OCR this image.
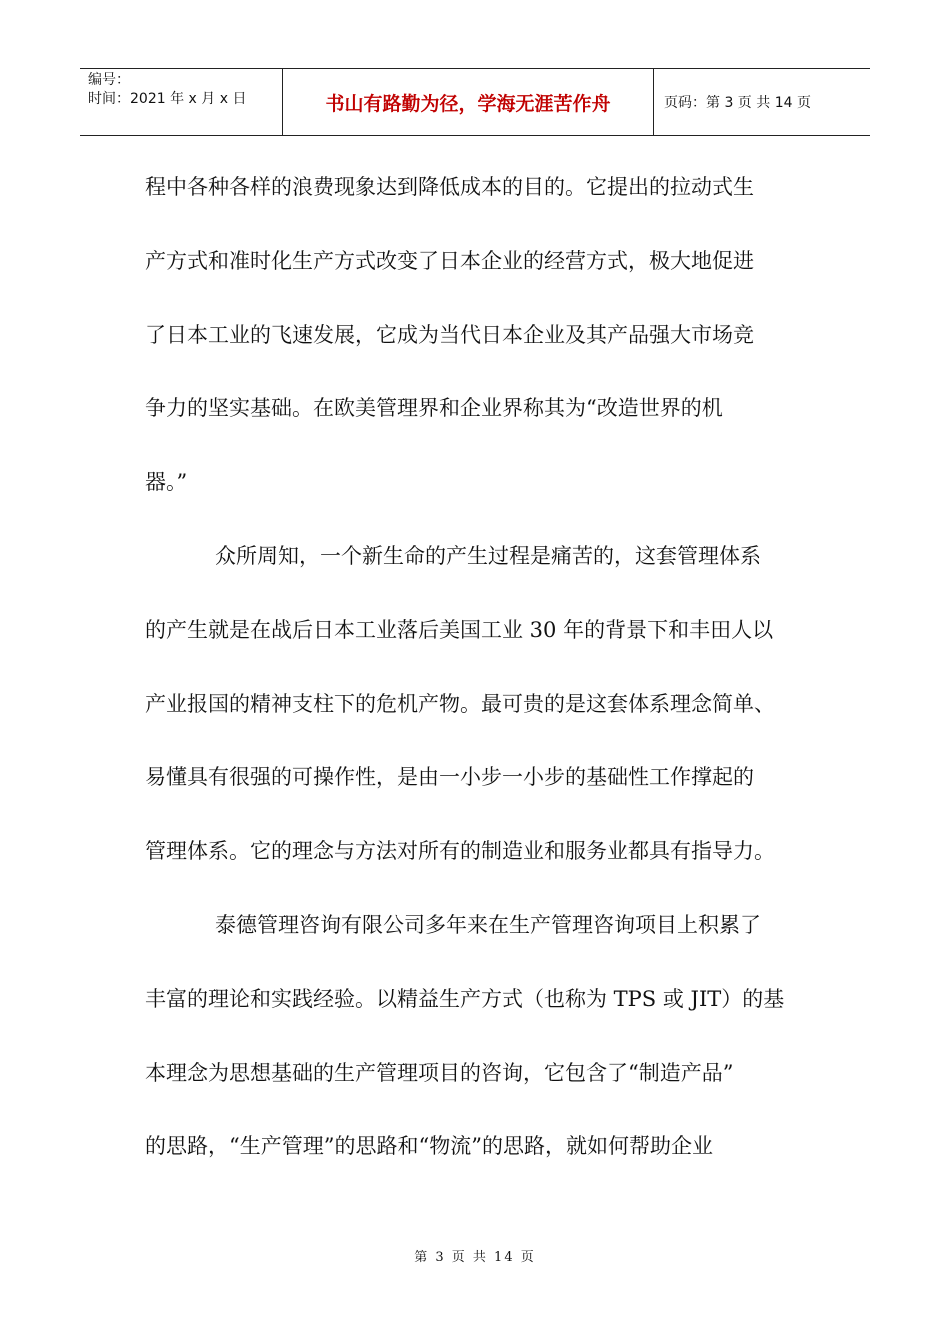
编号：
时间：2021 年 x 月 x 日	书山有路勤为径，学海无涯苦作舟	页码：第 3 页 共 14 页
程中各种各样的浪费现象达到降低成本的目的。它提出的拉动式生
产方式和准时化生产方式改变了日本企业的经营方式，极大地促进
了日本工业的飞速发展，它成为当代日本企业及其产品强大市场竞
争力的坚实基础。在欧美管理界和企业界称其为“改造世界的机
器。”
众所周知，一个新生命的产生过程是痛苦的，这套管理体系
的产生就是在战后日本工业落后美国工业 30 年的背景下和丰田人以
产业报国的精神支柱下的危机产物。最可贵的是这套体系理念简单、
易懂具有很强的可操作性，是由一小步一小步的基础性工作撑起的
管理体系。它的理念与方法对所有的制造业和服务业都具有指导力。
泰德管理咨询有限公司多年来在生产管理咨询项目上积累了
丰富的理论和实践经验。以精益生产方式（也称为 TPS 或 JIT）的基
本理念为思想基础的生产管理项目的咨询，它包含了“制造产品”
的思路，“生产管理”的思路和“物流”的思路，就如何帮助企业
第 3 页 共 14 页
